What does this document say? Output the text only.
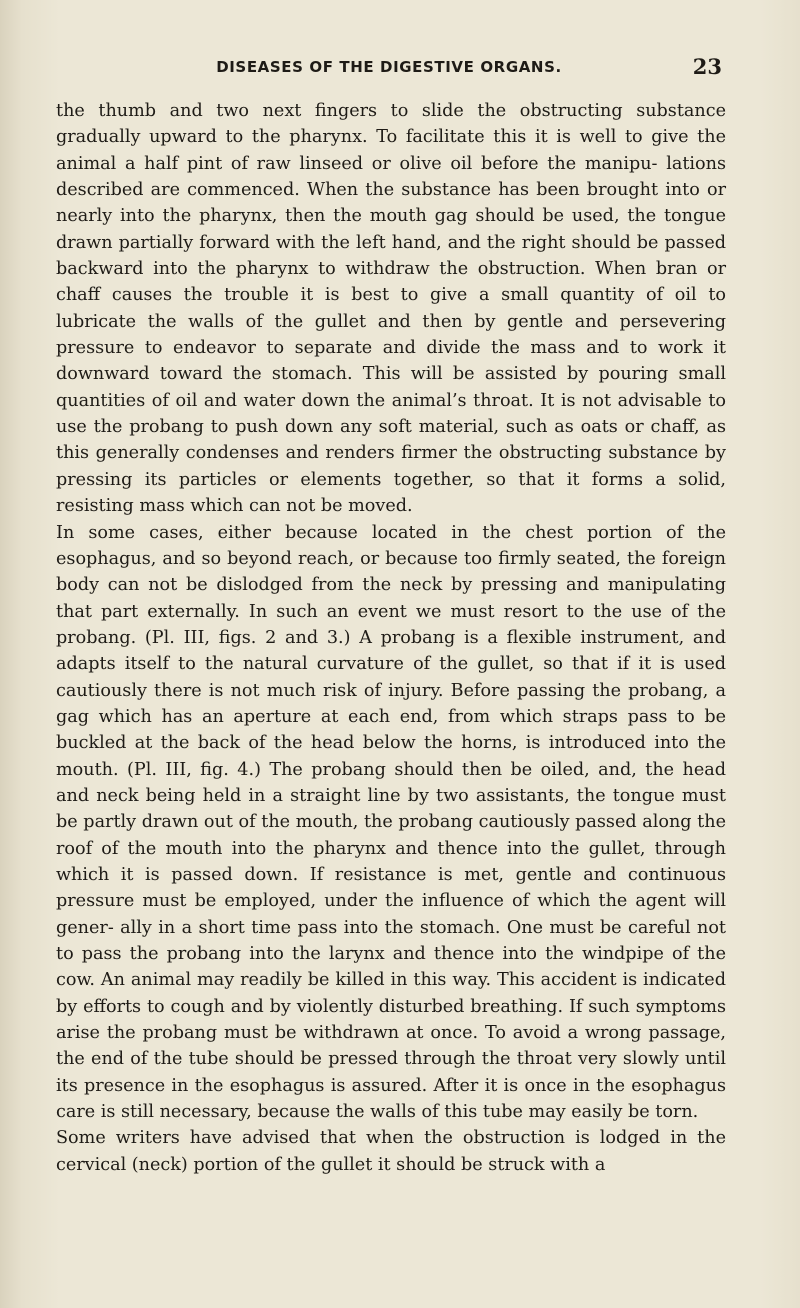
DISEASES OF THE DIGESTIVE ORGANS.	23

the thumb and two next fingers to slide the obstructing substance gradually upward to the pharynx. To facilitate this it is well to give the animal a half pint of raw linseed or olive oil before the manipu- lations described are commenced. When the substance has been brought into or nearly into the pharynx, then the mouth gag should be used, the tongue drawn partially forward with the left hand, and the right should be passed backward into the pharynx to withdraw the obstruction. When bran or chaff causes the trouble it is best to give a small quantity of oil to lubricate the walls of the gullet and then by gentle and persevering pressure to endeavor to separate and divide the mass and to work it downward toward the stomach. This will be assisted by pouring small quantities of oil and water down the animal’s throat. It is not advisable to use the probang to push down any soft material, such as oats or chaff, as this generally condenses and renders firmer the obstructing substance by pressing its particles or elements together, so that it forms a solid, resisting mass which can not be moved.

In some cases, either because located in the chest portion of the esophagus, and so beyond reach, or because too firmly seated, the foreign body can not be dislodged from the neck by pressing and manipulating that part externally. In such an event we must resort to the use of the probang. (Pl. III, figs. 2 and 3.) A probang is a flexible instrument, and adapts itself to the natural curvature of the gullet, so that if it is used cautiously there is not much risk of injury. Before passing the probang, a gag which has an aperture at each end, from which straps pass to be buckled at the back of the head below the horns, is introduced into the mouth. (Pl. III, fig. 4.) The probang should then be oiled, and, the head and neck being held in a straight line by two assistants, the tongue must be partly drawn out of the mouth, the probang cautiously passed along the roof of the mouth into the pharynx and thence into the gullet, through which it is passed down. If resistance is met, gentle and continuous pressure must be employed, under the influence of which the agent will gener- ally in a short time pass into the stomach. One must be careful not to pass the probang into the larynx and thence into the windpipe of the cow. An animal may readily be killed in this way. This accident is indicated by efforts to cough and by violently disturbed breathing. If such symptoms arise the probang must be withdrawn at once. To avoid a wrong passage, the end of the tube should be pressed through the throat very slowly until its presence in the esophagus is assured. After it is once in the esophagus care is still necessary, because the walls of this tube may easily be torn.

Some writers have advised that when the obstruction is lodged in the cervical (neck) portion of the gullet it should be struck with a
